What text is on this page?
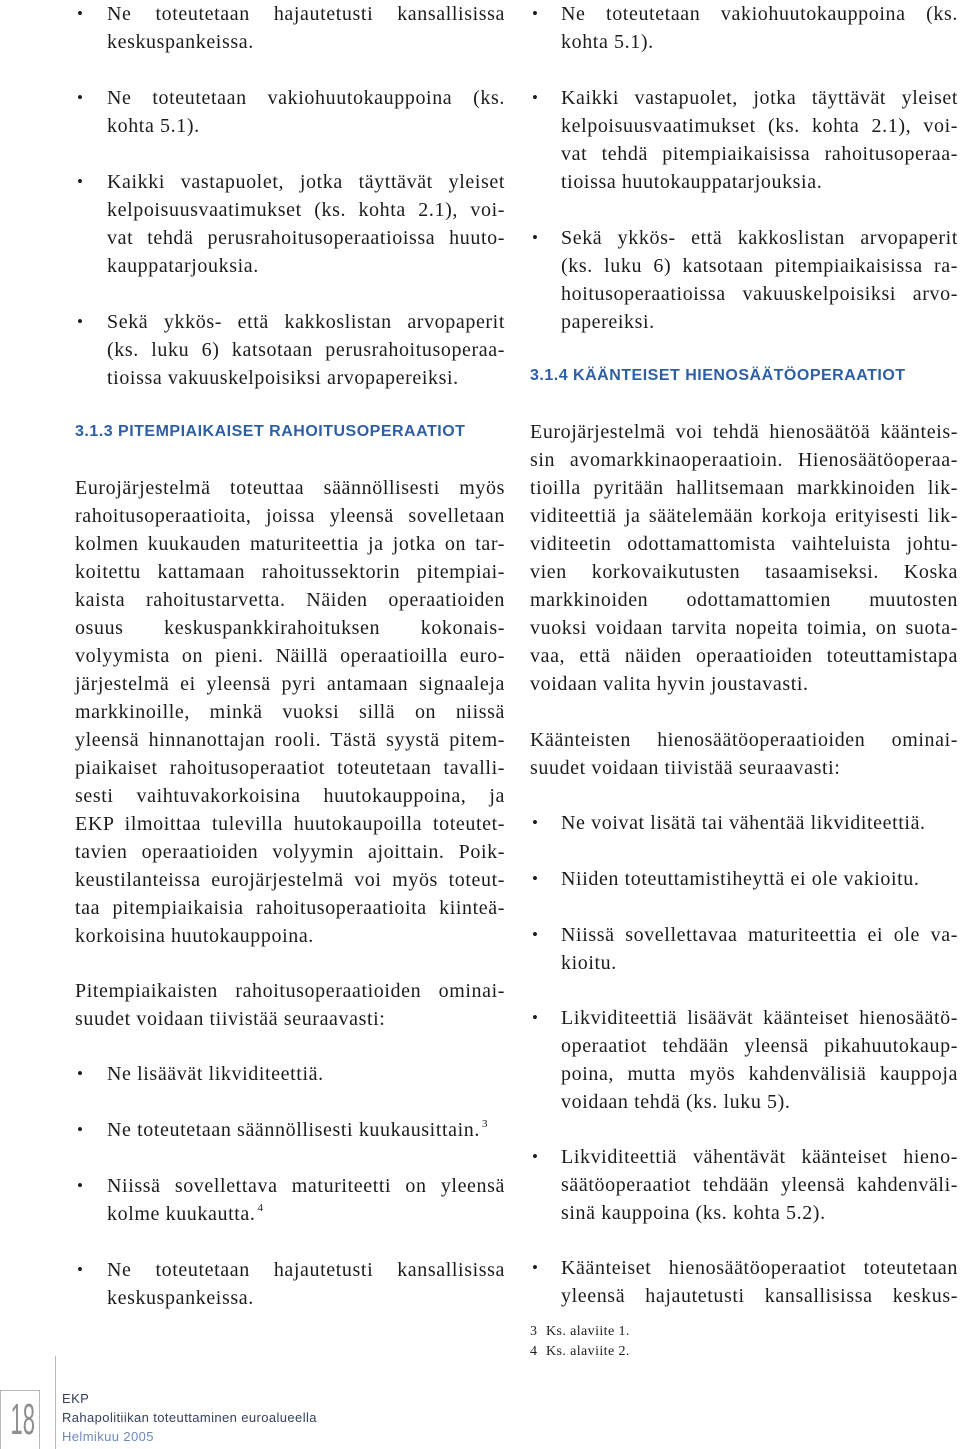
• Ne toteutetaan hajautetusti kansallisissa
keskuspankeissa.
• Ne toteutetaan vakiohuutokauppoina (ks.
kohta 5.1).
• Kaikki vastapuolet, jotka täyttävät yleiset
kelpoisuusvaatimukset (ks. kohta 2.1), voi-
vat tehdä perusrahoitusoperaatioissa huuto-
kauppatarjouksia.
• Sekä ykkös- että kakkoslistan arvopaperit
(ks. luku 6) katsotaan perusrahoitusoperaa-
tioissa vakuuskelpoisiksi arvopapereiksi.
3.1.3 PITEMPIAIKAISET RAHOITUSOPERAATIOT
Eurojärjestelmä toteuttaa säännöllisesti myös
rahoitusoperaatioita, joissa yleensä sovelletaan
kolmen kuukauden maturiteettia ja jotka on tar-
koitettu kattamaan rahoitussektorin pitempiai-
kaista rahoitustarvetta. Näiden operaatioiden
osuus keskuspankkirahoituksen kokonais-
volyymista on pieni. Näillä operaatioilla euro-
järjestelmä ei yleensä pyri antamaan signaaleja
markkinoille, minkä vuoksi sillä on niissä
yleensä hinnanottajan rooli. Tästä syystä pitem-
piaikaiset rahoitusoperaatiot toteutetaan tavalli-
sesti vaihtuvakorkoisina huutokauppoina, ja
EKP ilmoittaa tulevilla huutokaupoilla toteutet-
tavien operaatioiden volyymin ajoittain. Poik-
keustilanteissa eurojärjestelmä voi myös toteut-
taa pitempiaikaisia rahoitusoperaatioita kiinteä-
korkoisina huutokauppoina.
Pitempiaikaisten rahoitusoperaatioiden ominai-
suudet voidaan tiivistää seuraavasti:
• Ne lisäävät likviditeettiä.
• Ne toteutetaan säännöllisesti kuukausittain. $^3$
• Niissä sovellettava maturiteetti on yleensä
kolme kuukautta. $^4$
• Ne toteutetaan hajautetusti kansallisissa
keskuspankeissa.
• Ne toteutetaan vakiohuutokauppoina (ks.
kohta 5.1).
• Kaikki vastapuolet, jotka täyttävät yleiset
kelpoisuusvaatimukset (ks. kohta 2.1), voi-
vat tehdä pitempiaikaisissa rahoitusoperaa-
tioissa huutokauppatarjouksia.
• Sekä ykkös- että kakkoslistan arvopaperit
(ks. luku 6) katsotaan pitempiaikaisissa ra-
hoitusoperaatioissa vakuuskelpoisiksi arvo-
papereiksi.
3.1.4 KÄÄNTEISET HIENOSÄÄTÖOPERAATIOT
Eurojärjestelmä voi tehdä hienosäätöä käänteis-
sin avomarkkinaoperaatioin. Hienosäätöoperaa-
tioilla pyritään hallitsemaan markkinoiden lik-
viditeettiä ja säätelemään korkoja erityisesti lik-
viditeetin odottamattomista vaihteluista johtu-
vien korkovaikutusten tasaamiseksi. Koska
markkinoiden odottamattomien muutosten
vuoksi voidaan tarvita nopeita toimia, on suota-
vaa, että näiden operaatioiden toteuttamistapa
voidaan valita hyvin joustavasti.
Käänteisten hienosäätöoperaatioiden ominai-
suudet voidaan tiivistää seuraavasti:
• Ne voivat lisätä tai vähentää likviditeettiä.
• Niiden toteuttamistiheyttä ei ole vakioitu.
• Niissä sovellettavaa maturiteettia ei ole va-
kioitu.
• Likviditeettiä lisäävät käänteiset hienosäätö-
operaatiot tehdään yleensä pikahuutokaup-
poina, mutta myös kahdenvälisiä kauppoja
voidaan tehdä (ks. luku 5).
• Likviditeettiä vähentävät käänteiset hieno-
säätöoperaatiot tehdään yleensä kahdenväli-
sinä kauppoina (ks. kohta 5.2).
• Käänteiset hienosäätöoperaatiot toteutetaan
yleensä hajautetusti kansallisissa keskus-
3 Ks. alaviite 1.
4 Ks. alaviite 2.
18 EKP
Rahapolitiikan toteuttaminen euroalueella
Helmikuu 2005
